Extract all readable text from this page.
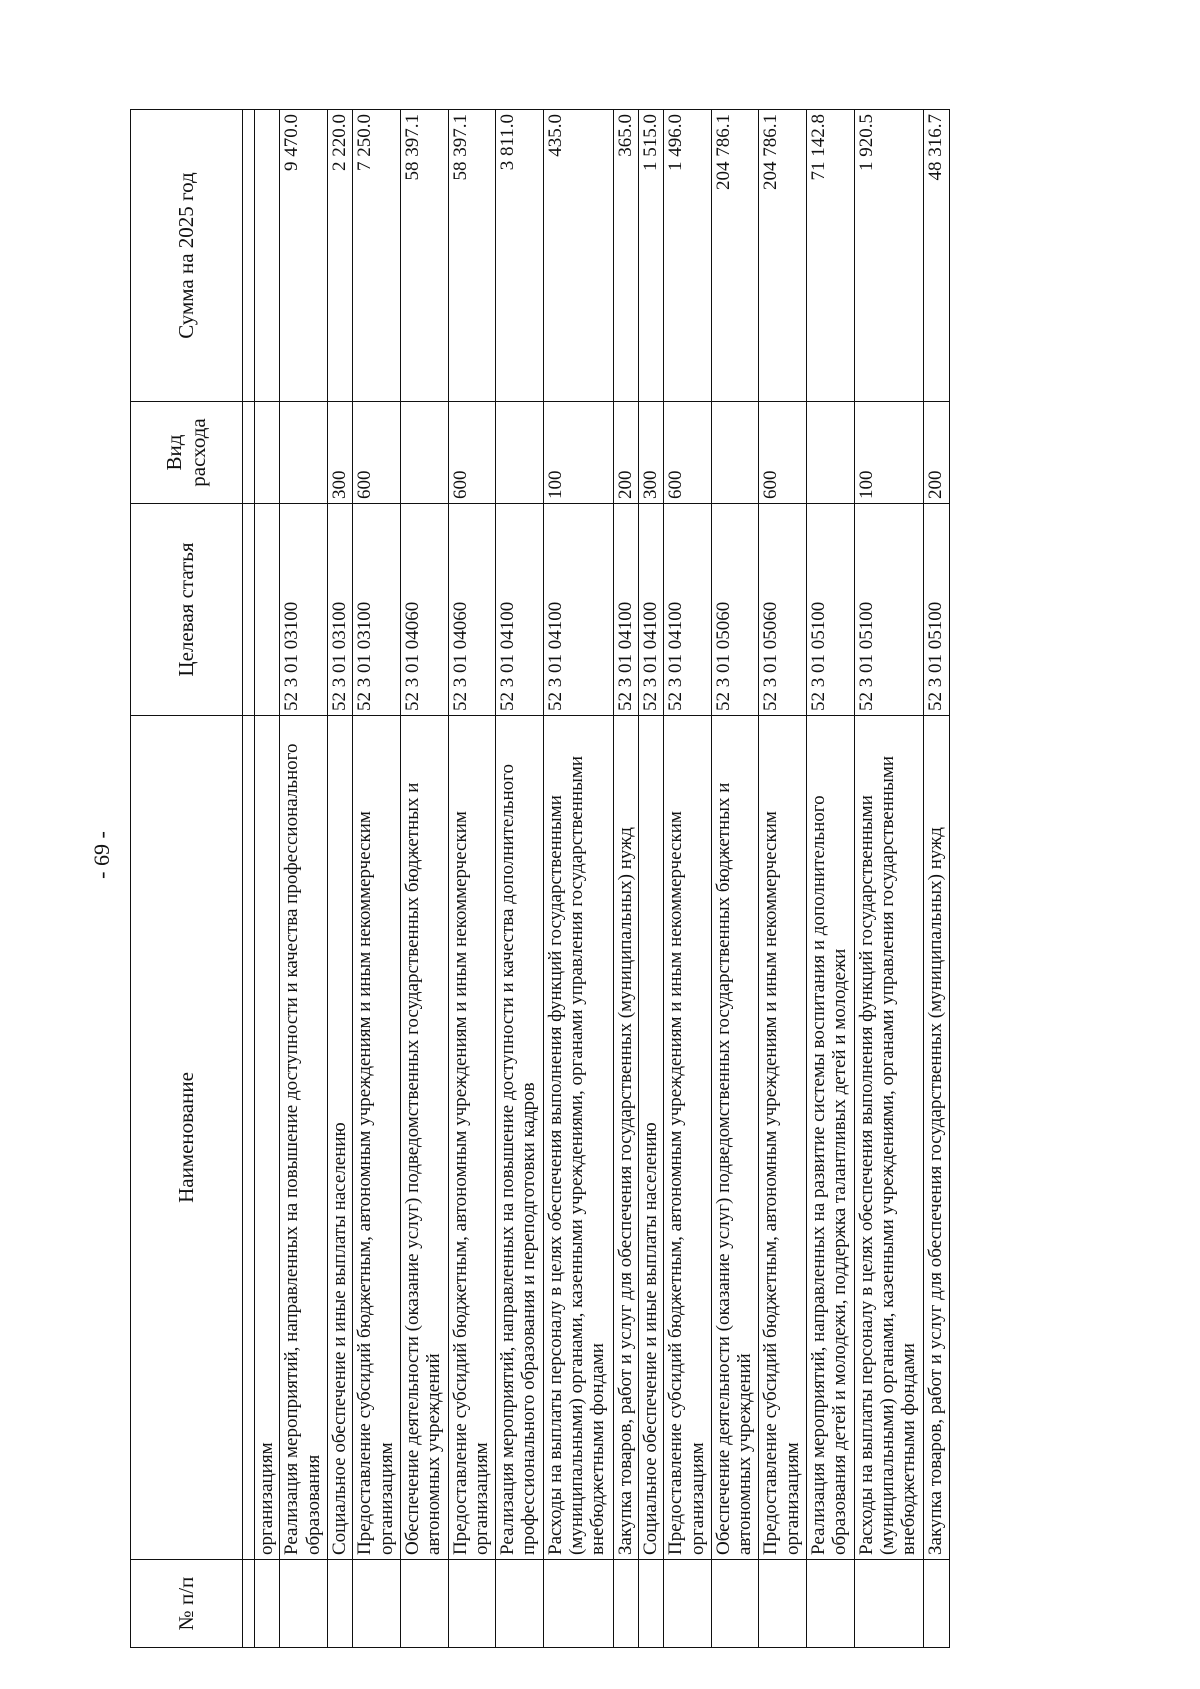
- 69 -
№ п/п	Наименование	Целевая статья	Вид расхода	Сумма на 2025 год

	организациям			
	Реализация мероприятий, направленных на повышение доступности и качества профессионального образования	52 3 01 03100		9 470.0
	Социальное обеспечение и иные выплаты населению	52 3 01 03100	300	2 220.0
	Предоставление субсидий бюджетным, автономным учреждениям и иным некоммерческим организациям	52 3 01 03100	600	7 250.0
	Обеспечение деятельности (оказание услуг) подведомственных государственных бюджетных и автономных учреждений	52 3 01 04060		58 397.1
	Предоставление субсидий бюджетным, автономным учреждениям и иным некоммерческим организациям	52 3 01 04060	600	58 397.1
	Реализация мероприятий, направленных на повышение доступности и качества дополнительного профессионального образования и переподготовки кадров	52 3 01 04100		3 811.0
	Расходы на выплаты персоналу в целях обеспечения выполнения функций государственными (муниципальными) органами, казенными учреждениями, органами управления государственными внебюджетными фондами	52 3 01 04100	100	435.0
	Закупка товаров, работ и услуг для обеспечения государственных (муниципальных) нужд	52 3 01 04100	200	365.0
	Социальное обеспечение и иные выплаты населению	52 3 01 04100	300	1 515.0
	Предоставление субсидий бюджетным, автономным учреждениям и иным некоммерческим организациям	52 3 01 04100	600	1 496.0
	Обеспечение деятельности (оказание услуг) подведомственных государственных бюджетных и автономных учреждений	52 3 01 05060		204 786.1
	Предоставление субсидий бюджетным, автономным учреждениям и иным некоммерческим организациям	52 3 01 05060	600	204 786.1
	Реализация мероприятий, направленных на развитие системы воспитания и дополнительного образования детей и молодежи, поддержка талантливых детей и молодежи	52 3 01 05100		71 142.8
	Расходы на выплаты персоналу в целях обеспечения выполнения функций государственными (муниципальными) органами, казенными учреждениями, органами управления государственными внебюджетными фондами	52 3 01 05100	100	1 920.5
	Закупка товаров, работ и услуг для обеспечения государственных (муниципальных) нужд	52 3 01 05100	200	48 316.7
